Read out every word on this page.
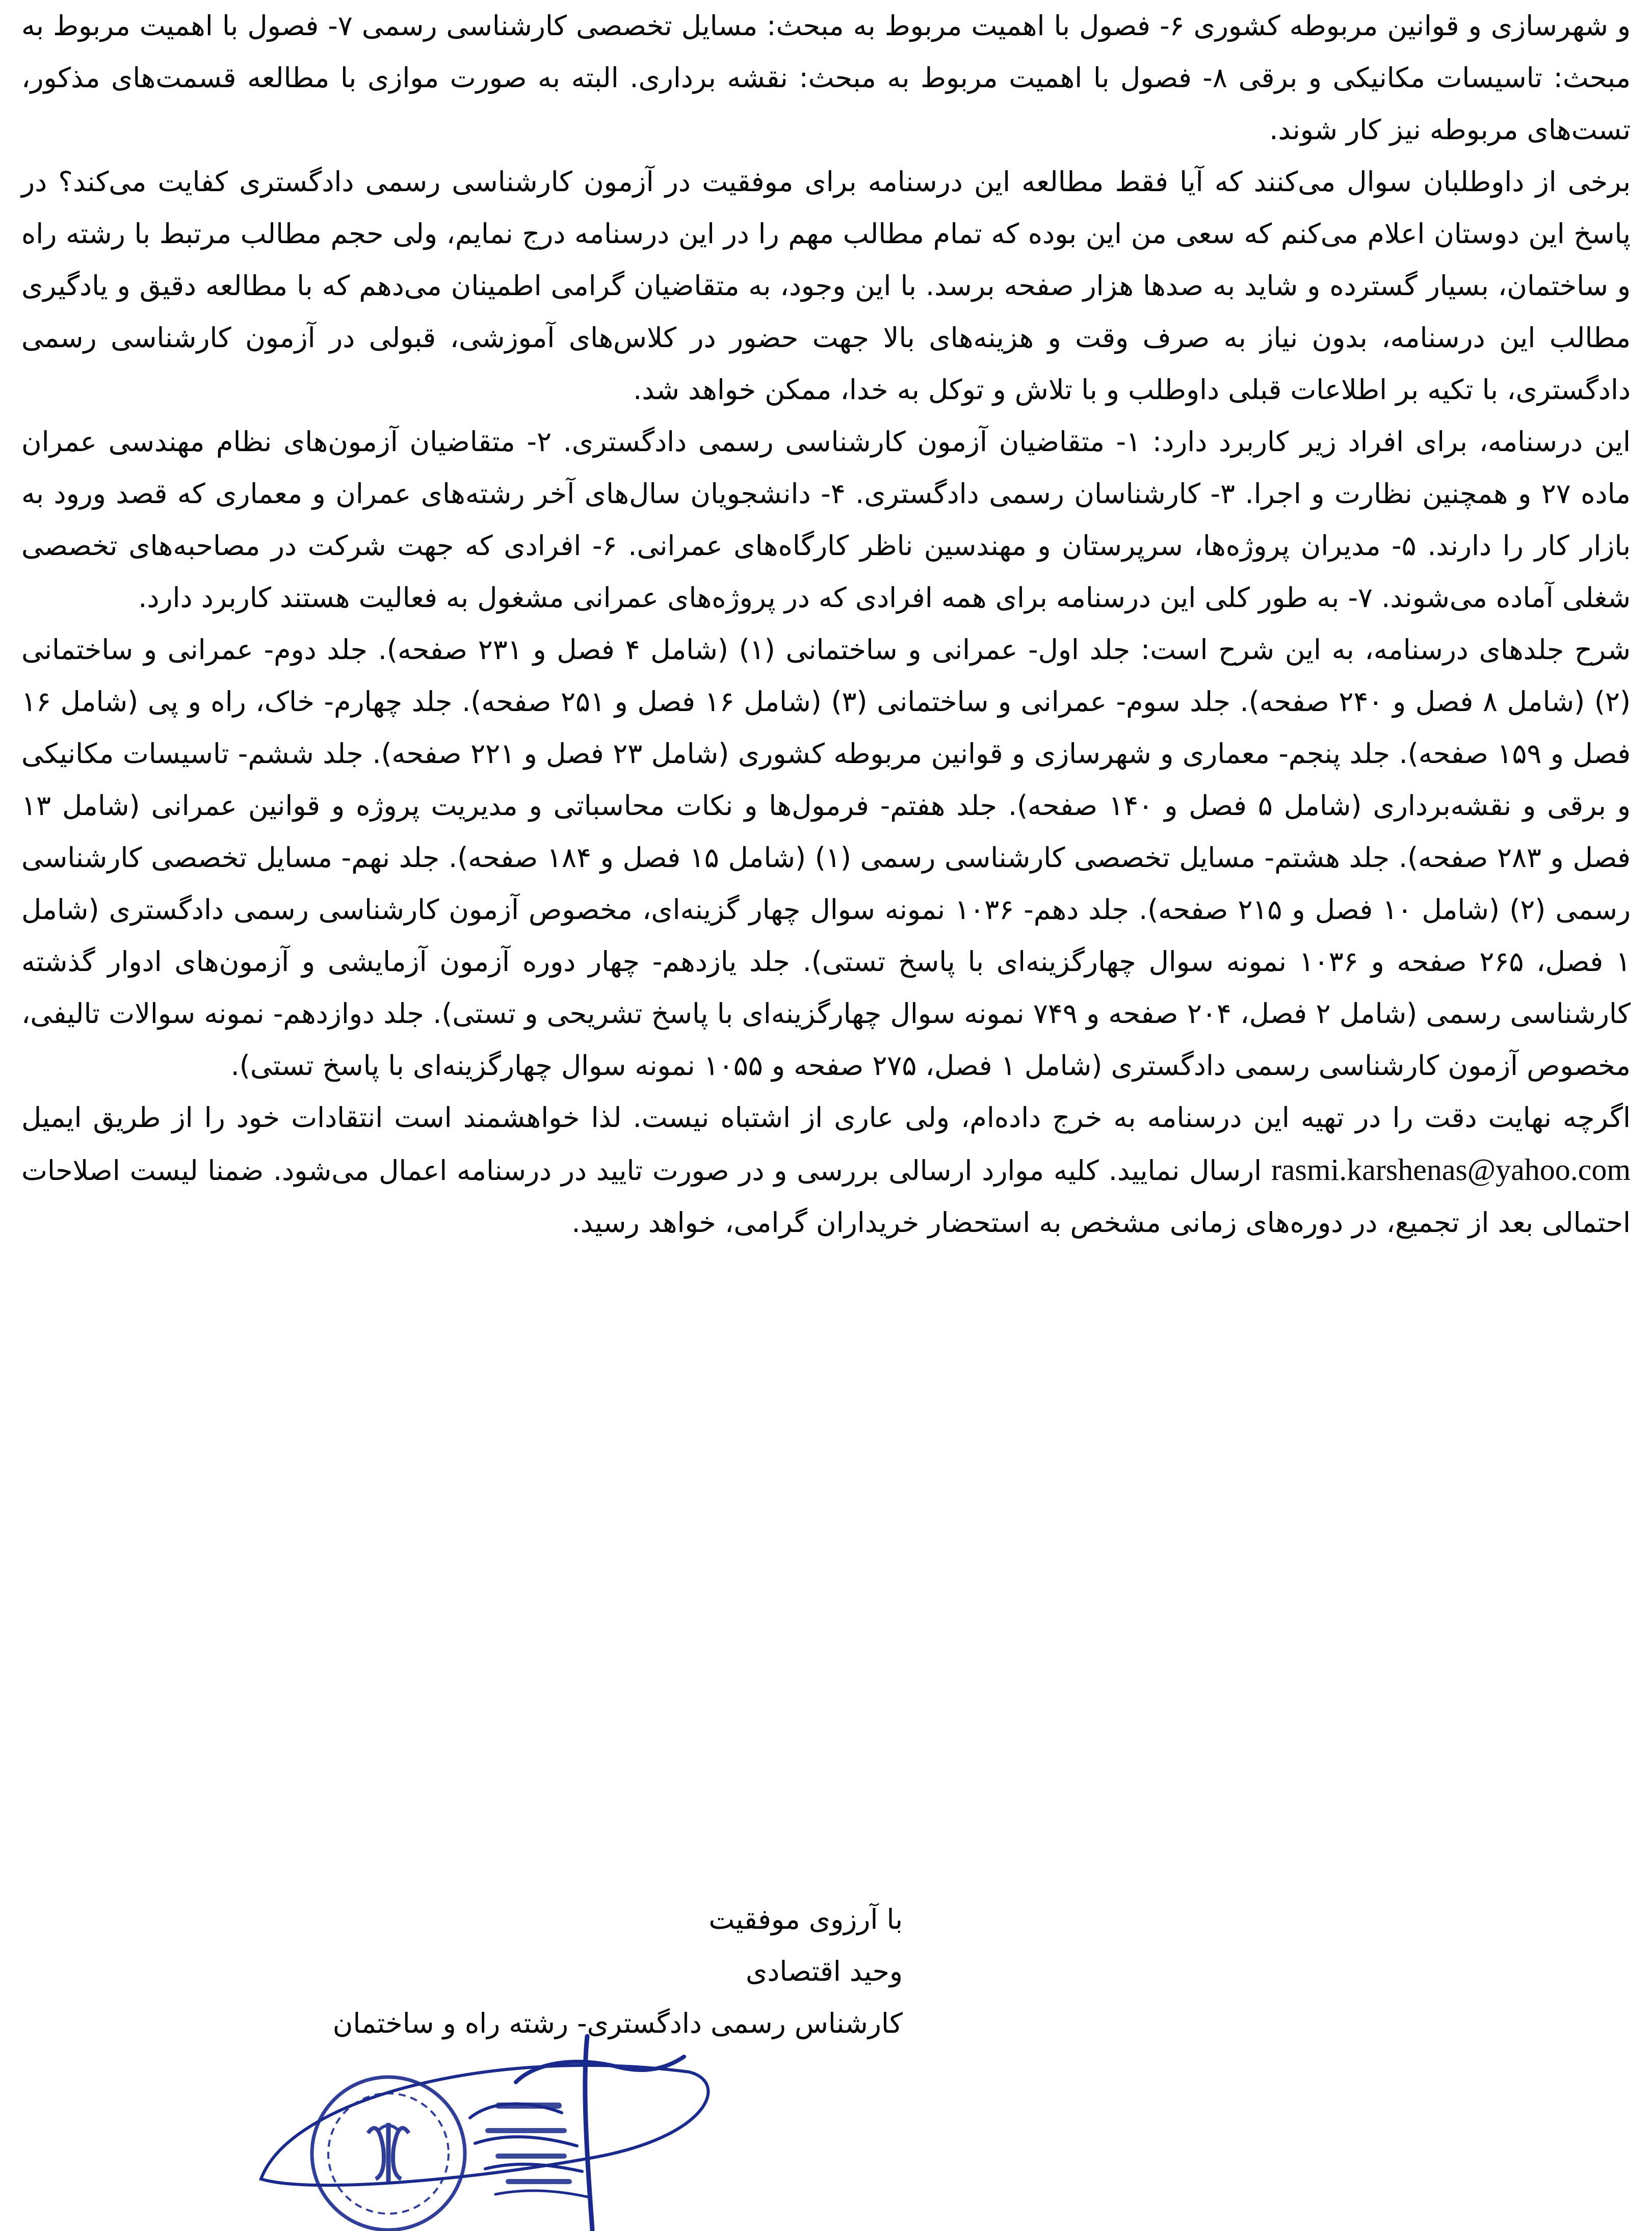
و شهرسازی و قوانین مربوطه کشوری ۶- فصول با اهمیت مربوط به مبحث: مسایل تخصصی کارشناسی رسمی ۷- فصول با اهمیت مربوط به مبحث: تاسیسات مکانیکی و برقی ۸- فصول با اهمیت مربوط به مبحث: نقشه برداری. البته به صورت موازی با مطالعه قسمت‌های مذکور، تست‌های مربوطه نیز کار شوند.

برخی از داوطلبان سوال می‌کنند که آیا فقط مطالعه این درسنامه برای موفقیت در آزمون کارشناسی رسمی دادگستری کفایت می‌کند؟ در پاسخ این دوستان اعلام می‌کنم که سعی من این بوده که تمام مطالب مهم را در این درسنامه درج نمایم، ولی حجم مطالب مرتبط با رشته راه و ساختمان، بسیار گسترده و شاید به صدها هزار صفحه برسد. با این وجود، به متقاضیان گرامی اطمینان می‌دهم که با مطالعه دقیق و یادگیری مطالب این درسنامه، بدون نیاز به صرف وقت و هزینه‌های بالا جهت حضور در کلاس‌های آموزشی، قبولی در آزمون کارشناسی رسمی دادگستری، با تکیه بر اطلاعات قبلی داوطلب و با تلاش و توکل به خدا، ممکن خواهد شد.

این درسنامه، برای افراد زیر کاربرد دارد: ۱- متقاضیان آزمون کارشناسی رسمی دادگستری. ۲- متقاضیان آزمون‌های نظام مهندسی عمران ماده ۲۷ و همچنین نظارت و اجرا. ۳- کارشناسان رسمی دادگستری. ۴- دانشجویان سال‌های آخر رشته‌های عمران و معماری که قصد ورود به بازار کار را دارند. ۵- مدیران پروژه‌ها، سرپرستان و مهندسین ناظر کارگاه‌های عمرانی. ۶- افرادی که جهت شرکت در مصاحبه‌های تخصصی شغلی آماده می‌شوند. ۷- به طور کلی این درسنامه برای همه افرادی که در پروژه‌های عمرانی مشغول به فعالیت هستند کاربرد دارد.

شرح جلدهای درسنامه، به این شرح است: جلد اول- عمرانی و ساختمانی (۱) (شامل ۴ فصل و ۲۳۱ صفحه). جلد دوم- عمرانی و ساختمانی (۲) (شامل ۸ فصل و ۲۴۰ صفحه). جلد سوم- عمرانی و ساختمانی (۳) (شامل ۱۶ فصل و ۲۵۱ صفحه). جلد چهارم- خاک، راه و پی (شامل ۱۶ فصل و ۱۵۹ صفحه). جلد پنجم- معماری و شهرسازی و قوانین مربوطه کشوری (شامل ۲۳ فصل و ۲۲۱ صفحه). جلد ششم- تاسیسات مکانیکی و برقی و نقشه‌برداری (شامل ۵ فصل و ۱۴۰ صفحه). جلد هفتم- فرمول‌ها و نکات محاسباتی و مدیریت پروژه و قوانین عمرانی (شامل ۱۳ فصل و ۲۸۳ صفحه). جلد هشتم- مسایل تخصصی کارشناسی رسمی (۱) (شامل ۱۵ فصل و ۱۸۴ صفحه). جلد نهم- مسایل تخصصی کارشناسی رسمی (۲) (شامل ۱۰ فصل و ۲۱۵ صفحه). جلد دهم- ۱۰۳۶ نمونه سوال چهار گزینه‌ای، مخصوص آزمون کارشناسی رسمی دادگستری (شامل ۱ فصل، ۲۶۵ صفحه و ۱۰۳۶ نمونه سوال چهارگزینه‌ای با پاسخ تستی). جلد یازدهم- چهار دوره آزمون آزمایشی و آزمون‌های ادوار گذشته کارشناسی رسمی (شامل ۲ فصل، ۲۰۴ صفحه و ۷۴۹ نمونه سوال چهارگزینه‌ای با پاسخ تشریحی و تستی). جلد دوازدهم- نمونه سوالات تالیفی، مخصوص آزمون کارشناسی رسمی دادگستری (شامل ۱ فصل، ۲۷۵ صفحه و ۱۰۵۵ نمونه سوال چهارگزینه‌ای با پاسخ تستی).

اگرچه نهایت دقت را در تهیه این درسنامه به خرج داده‌ام، ولی عاری از اشتباه نیست. لذا خواهشمند است انتقادات خود را از طریق ایمیل rasmi.karshenas@yahoo.com ارسال نمایید. کلیه موارد ارسالی بررسی و در صورت تایید در درسنامه اعمال می‌شود. ضمنا لیست اصلاحات احتمالی بعد از تجمیع، در دوره‌های زمانی مشخص به استحضار خریداران گرامی، خواهد رسید.

با آرزوی موفقیت

وحید اقتصادی

کارشناس رسمی دادگستری- رشته راه و ساختمان
